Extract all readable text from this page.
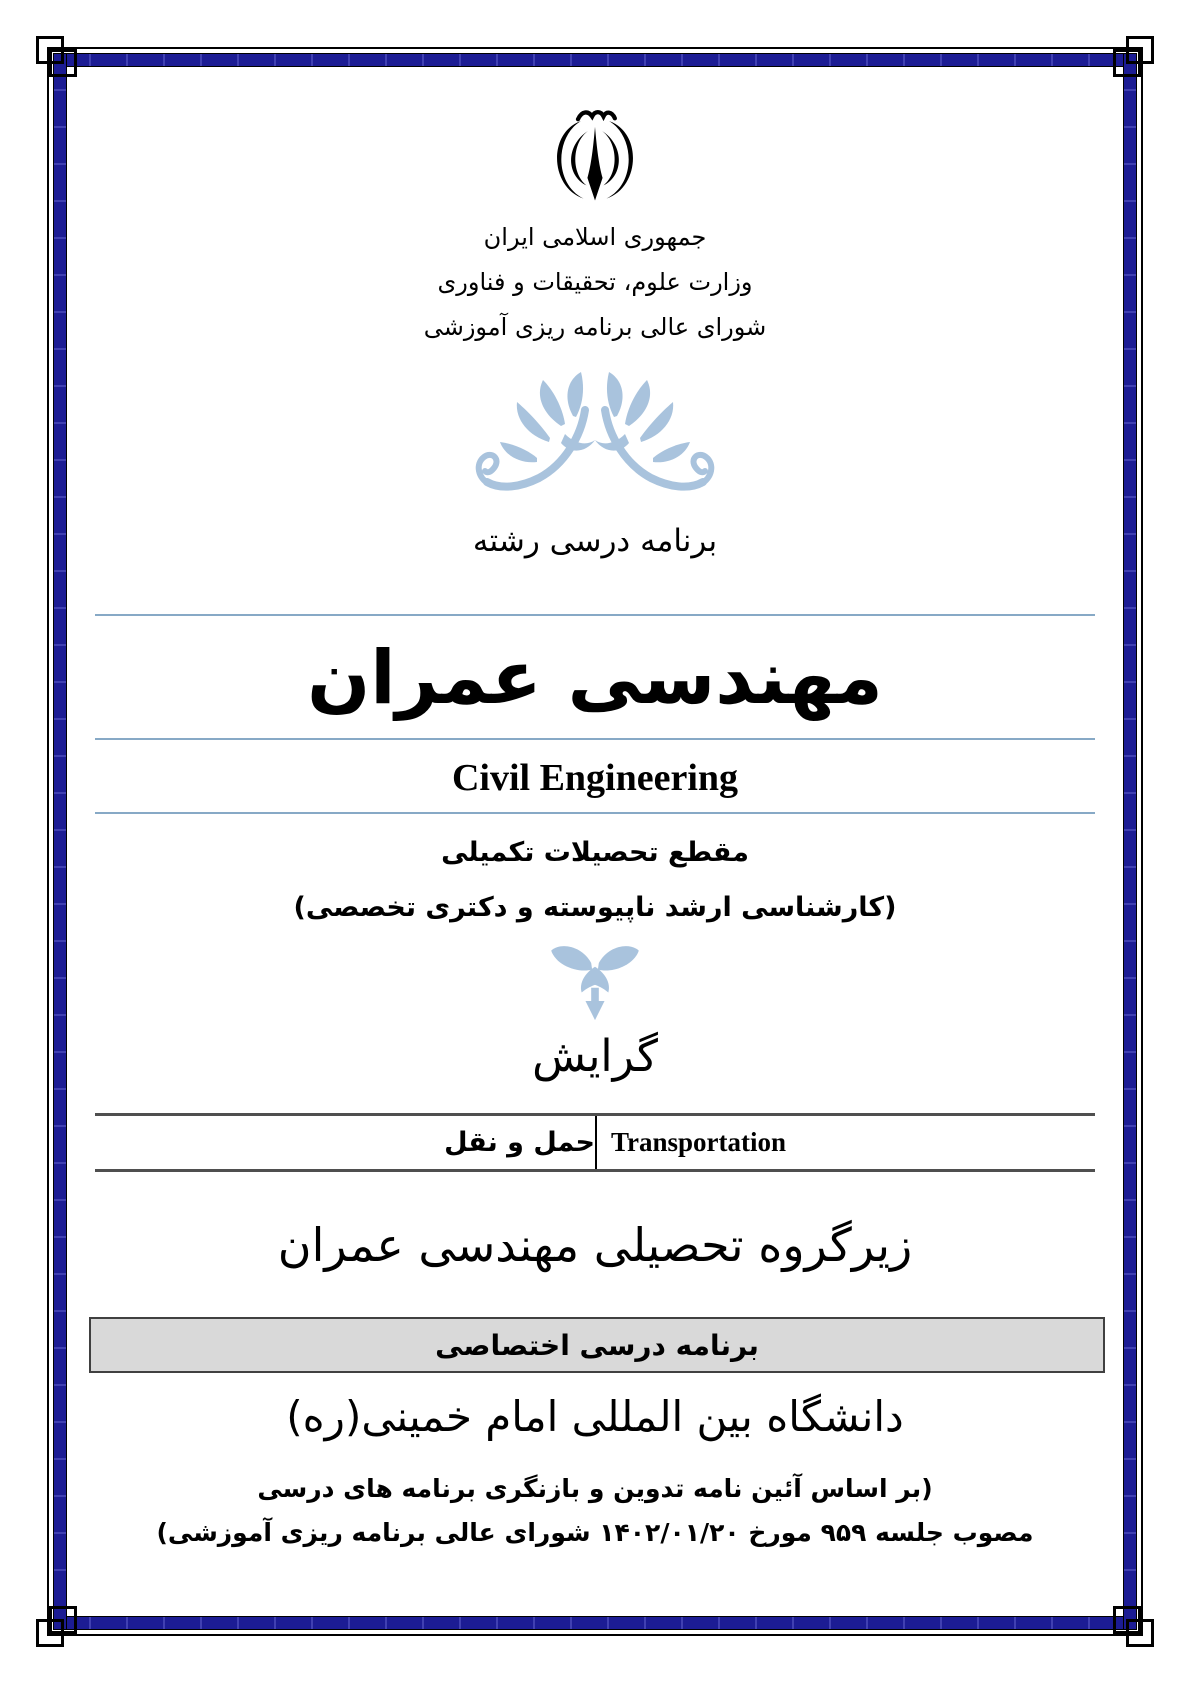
جمهوری اسلامی ایران
وزارت علوم، تحقیقات و فناوری
شورای عالی برنامه ریزی آموزشی
برنامه درسی رشته
مهندسی عمران
Civil Engineering
مقطع تحصیلات تکمیلی
(کارشناسی ارشد ناپیوسته و دکتری تخصصی)
گرایش
حمل و نقل Transportation
زیرگروه تحصیلی مهندسی عمران
برنامه درسی اختصاصی
دانشگاه بین المللی امام خمینی(ره)
(بر اساس آئین نامه تدوین و بازنگری برنامه های درسی
مصوب جلسه ۹۵۹ مورخ ۱۴۰۲/۰۱/۲۰ شورای عالی برنامه ریزی آموزشی)
